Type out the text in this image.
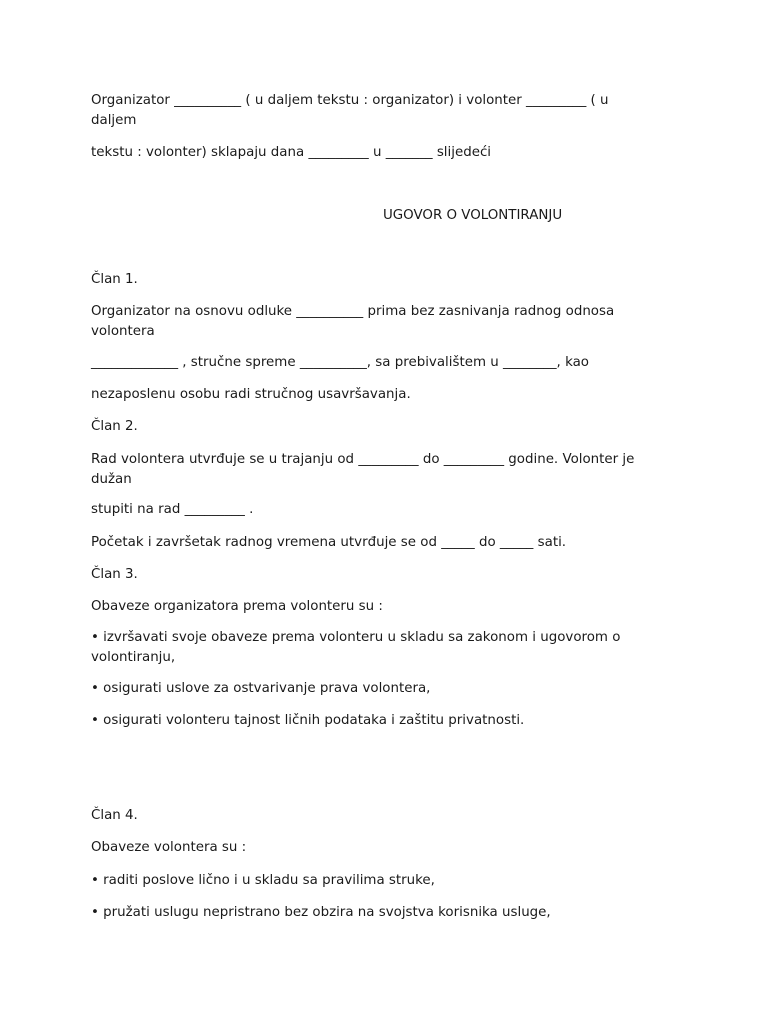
Organizator __________ ( u daljem tekstu : organizator) i volonter _________ ( u daljem

tekstu : volonter) sklapaju dana _________ u _______ slijedeći

UGOVOR O VOLONTIRANJU

Član 1.

Organizator na osnovu odluke __________ prima bez zasnivanja radnog odnosa volontera

_____________ , stručne spreme __________, sa prebivalištem u ________, kao

nezaposlenu osobu radi stručnog usavršavanja.

Član 2.

Rad volontera utvrđuje se u trajanju od _________ do _________ godine. Volonter je dužan

stupiti na rad _________ .

Početak i završetak radnog vremena utvrđuje se od _____ do _____ sati.

Član 3.

Obaveze organizatora prema volonteru su :

• izvršavati svoje obaveze prema volonteru u skladu sa zakonom i ugovorom o volontiranju,

• osigurati uslove za ostvarivanje prava volontera,

• osigurati volonteru tajnost ličnih podataka i zaštitu privatnosti.

Član 4.

Obaveze volontera su :

• raditi poslove lično i u skladu sa pravilima struke,

• pružati uslugu nepristrano bez obzira na svojstva korisnika usluge,
